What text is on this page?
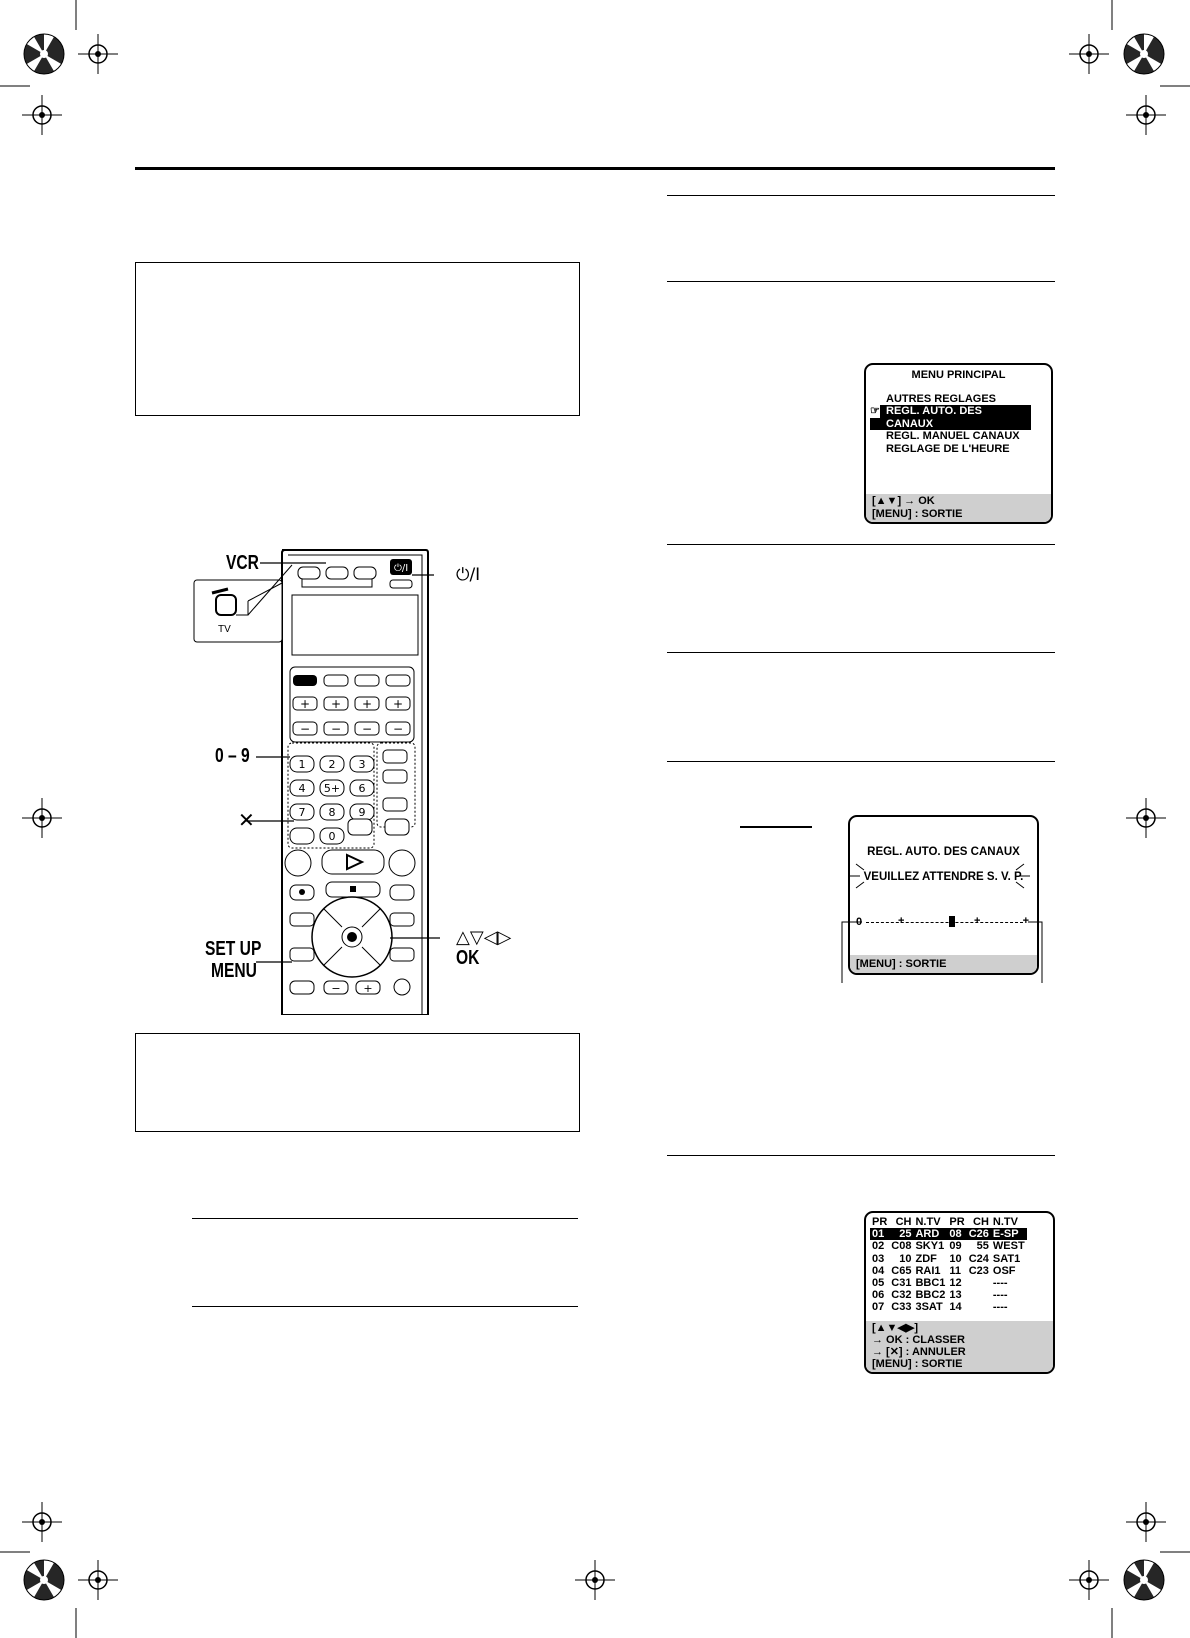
⏻/I
+ + + +
− − − −
1 2 3
4 5+ 6
7 8 9
0
− +
VCR
⏻/I
TV
0 – 9
✕
SET UP
MENU
△▽◁▷
OK
MENU PRINCIPAL
AUTRES REGLAGES
☞ REGL. AUTO. DES CANAUX
REGL. MANUEL CANAUX
REGLAGE DE L'HEURE
[▲▼] → OK
[MENU] : SORTIE
REGL. AUTO. DES CANAUX
VEUILLEZ ATTENDRE S. V. P.
0	+	+	+
[MENU] : SORTIE
PR	CH	N.TV	PR	CH	N.TV
01	25	ARD	08	C26	E-SP
02	C08	SKY1	09	55	WEST
03	10	ZDF	10	C24	SAT1
04	C65	RAI1	11	C23	OSF
05	C31	BBC1	12		----
06	C32	BBC2	13		----
07	C33	3SAT	14		----
[▲▼◀▶]
→ OK : CLASSER
→ [✕] : ANNULER
[MENU] : SORTIE
